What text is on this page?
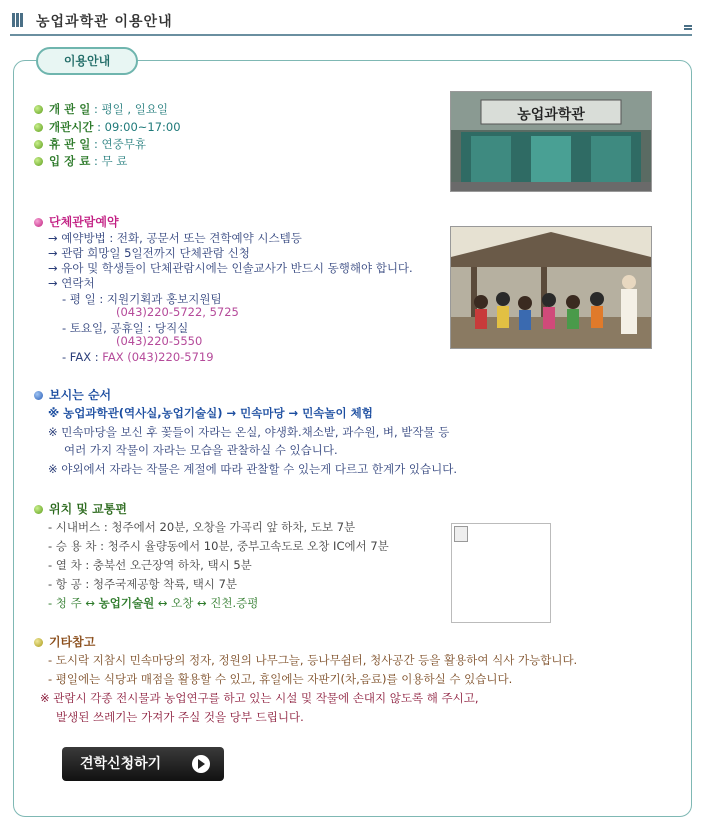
농업과학관 이용안내
이용안내
개 관 일 : 평일 , 일요일
개관시간 : 09:00~17:00
휴 관 일 : 연중무휴
입 장 료 : 무 료
농업과학관
단체관람예약
→ 예약방법 : 전화, 공문서 또는 견학예약 시스템등
→ 관람 희망일 5일전까지 단체관람 신청
→ 유아 및 학생들이 단체관람시에는 인솔교사가 반드시 동행해야 합니다.
→ 연락처
- 평 일 : 지원기획과 홍보지원팀
(043)220-5722, 5725
- 토요일, 공휴일 : 당직실
(043)220-5550
- FAX : FAX (043)220-5719
보시는 순서
※ 농업과학관(역사실,농업기술실) → 민속마당 → 민속놀이 체험
※ 민속마당을 보신 후 꽃들이 자라는 온실, 야생화.채소밭, 과수원, 벼, 밭작물 등
여러 가지 작물이 자라는 모습을 관찰하실 수 있습니다.
※ 야외에서 자라는 작물은 계절에 따라 관찰할 수 있는게 다르고 한계가 있습니다.
위치 및 교통편
- 시내버스 : 청주에서 20분, 오창을 가곡리 앞 하차, 도보 7분
- 승 용 차 : 청주시 율량동에서 10분, 중부고속도로 오창 IC에서 7분
- 열 차 : 충북선 오근장역 하차, 택시 5분
- 항 공 : 청주국제공항 착륙, 택시 7분
- 청 주 ↔ 농업기술원 ↔ 오창 ↔ 진천.증평
기타참고
- 도시락 지참시 민속마당의 정자, 정원의 나무그늘, 등나무쉼터, 청사공간 등을 활용하여 식사 가능합니다.
- 평일에는 식당과 매점을 활용할 수 있고, 휴일에는 자판기(차,음료)를 이용하실 수 있습니다.
※ 관람시 각종 전시물과 농업연구를 하고 있는 시설 및 작물에 손대지 않도록 해 주시고,
발생된 쓰레기는 가져가 주실 것을 당부 드립니다.
견학신청하기
